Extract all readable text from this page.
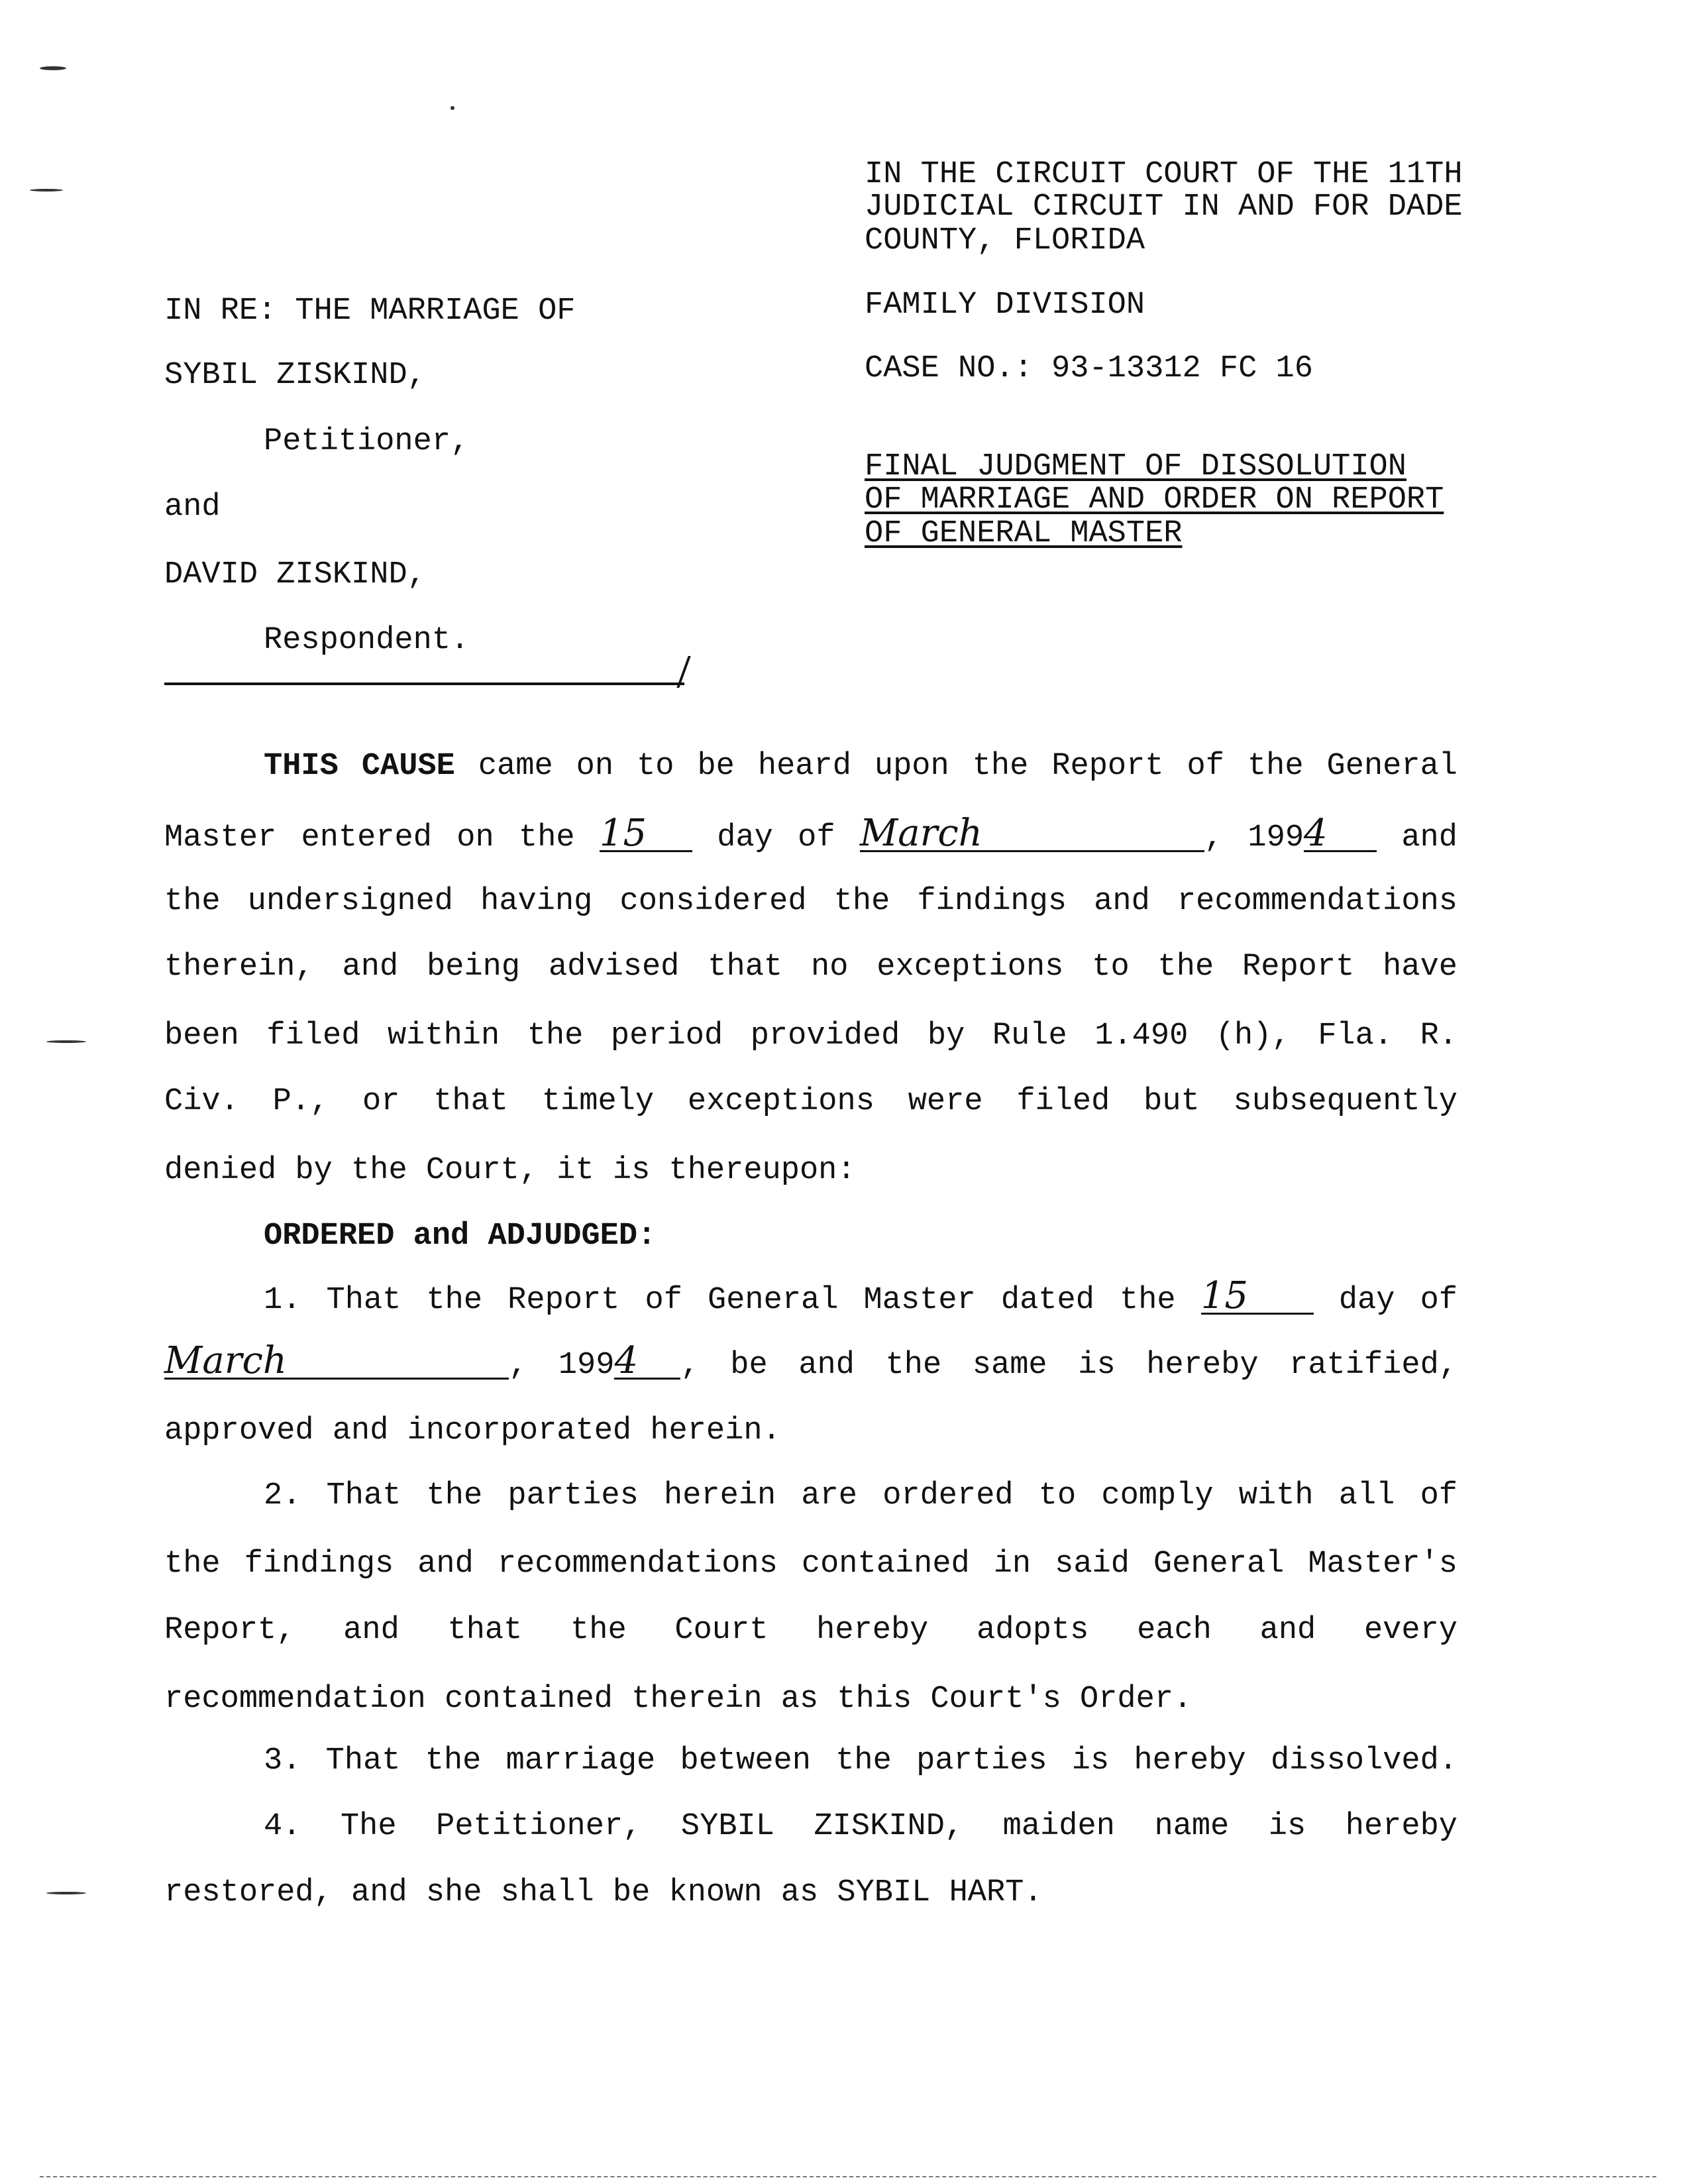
IN THE CIRCUIT COURT OF THE 11TH
JUDICIAL CIRCUIT IN AND FOR DADE
COUNTY, FLORIDA
FAMILY DIVISION
CASE NO.: 93-13312 FC 16
FINAL JUDGMENT OF DISSOLUTION
OF MARRIAGE AND ORDER ON REPORT
OF GENERAL MASTER
IN RE: THE MARRIAGE OF
SYBIL ZISKIND,
Petitioner,
and
DAVID ZISKIND,
Respondent.
THIS CAUSE came on to be heard upon the Report of the General
Master entered on the 15 day of March	, 1994 and
the undersigned having considered the findings and recommendations
therein, and being advised that no exceptions to the Report have
been filed within the period provided by Rule 1.490 (h), Fla. R.
Civ. P., or that timely exceptions were filed but subsequently
denied by the Court, it is thereupon:
ORDERED and ADJUDGED:
1. That the Report of General Master dated the 15	day of
March	, 1994 , be and the same is hereby ratified,
approved and incorporated herein.
2. That the parties herein are ordered to comply with all of
the findings and recommendations contained in said General Master's
Report, and that the Court hereby adopts each and every
recommendation contained therein as this Court's Order.
3. That the marriage between the parties is hereby dissolved.
4. The Petitioner, SYBIL ZISKIND, maiden name is hereby
restored, and she shall be known as SYBIL HART.
